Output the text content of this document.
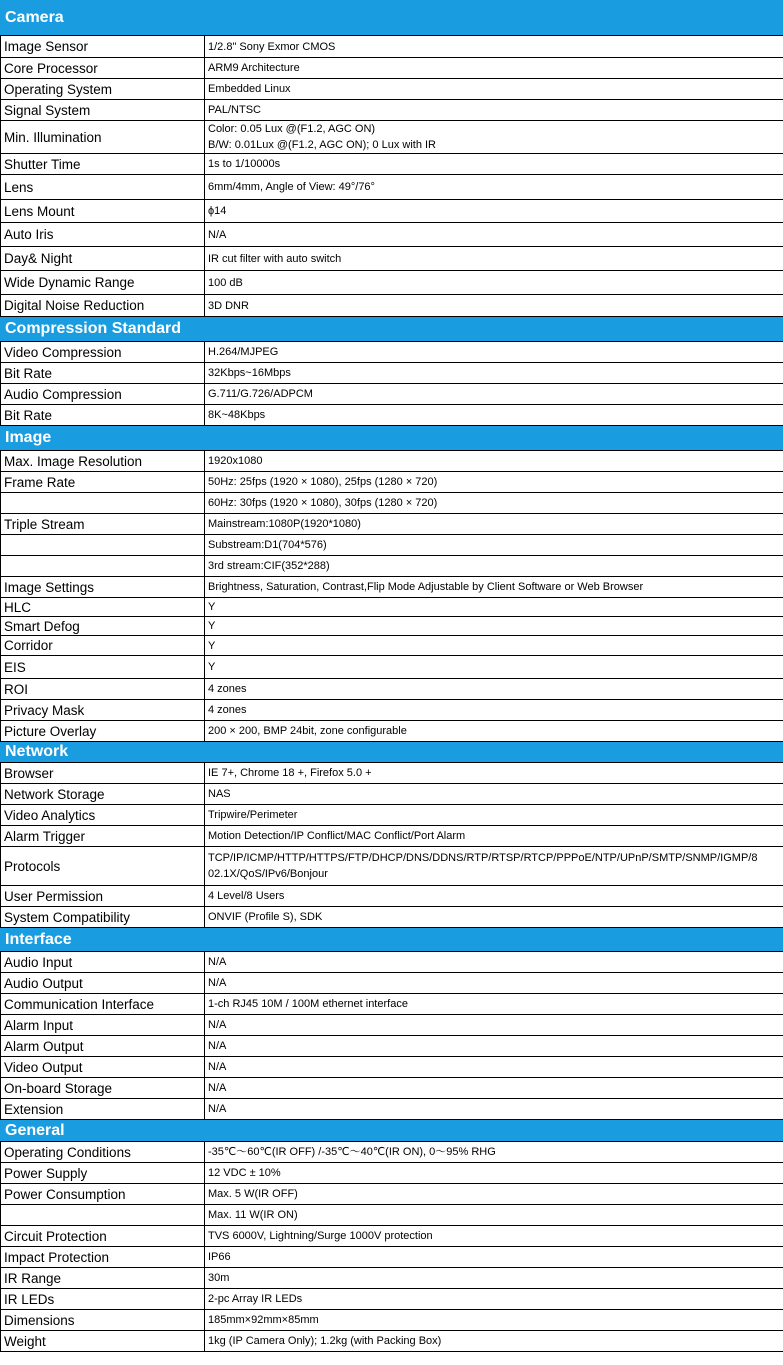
Camera	
Image Sensor	1/2.8" Sony Exmor CMOS

Core Processor	ARM9 Architecture

Operating System	Embedded Linux

Signal System	PAL/NTSC

Min. Illumination	Color: 0.05 Lux @(F1.2, AGC ON)
B/W: 0.01Lux @(F1.2, AGC ON); 0 Lux with IR

Shutter Time	1s to 1/10000s

Lens	6mm/4mm, Angle of View: 49°/76°

Lens Mount	ϕ14

Auto Iris	N/A

Day& Night	IR cut filter with auto switch

Wide Dynamic Range	100 dB

Digital Noise Reduction	3D DNR

Compression Standard	
Video Compression	H.264/MJPEG

Bit Rate	32Kbps~16Mbps

Audio Compression	G.711/G.726/ADPCM

Bit Rate	8K~48Kbps

Image	
Max. Image Resolution	1920x1080

Frame Rate	50Hz: 25fps (1920 × 1080), 25fps (1280 × 720)

	60Hz: 30fps (1920 × 1080), 30fps (1280 × 720)

Triple Stream	Mainstream:1080P(1920*1080)

	Substream:D1(704*576)

	3rd stream:CIF(352*288)

Image Settings	Brightness, Saturation, Contrast,Flip Mode Adjustable by Client Software or Web Browser

HLC	Y

Smart Defog	Y

Corridor	Y

EIS	Y

ROI	4 zones

Privacy Mask	4 zones

Picture Overlay	200 × 200, BMP 24bit, zone configurable

Network	
Browser	IE 7+, Chrome 18 +, Firefox 5.0 +

Network Storage	NAS

Video Analytics	Tripwire/Perimeter

Alarm Trigger	Motion Detection/IP Conflict/MAC Conflict/Port Alarm

Protocols	TCP/IP/ICMP/HTTP/HTTPS/FTP/DHCP/DNS/DDNS/RTP/RTSP/RTCP/PPPoE/NTP/UPnP/SMTP/SNMP/IGMP/8
02.1X/QoS/IPv6/Bonjour

User Permission	4 Level/8 Users

System Compatibility	ONVIF (Profile S), SDK

Interface	
Audio Input	N/A

Audio Output	N/A

Communication Interface	1-ch RJ45 10M / 100M ethernet interface

Alarm Input	N/A

Alarm Output	N/A

Video Output	N/A

On-board Storage	N/A

Extension	N/A

General	
Operating Conditions	-35℃～60℃(IR OFF) /-35℃～40℃(IR ON), 0～95% RHG

Power Supply	12 VDC ± 10%

Power Consumption	Max. 5 W(IR OFF)

	Max. 11 W(IR ON)

Circuit Protection	TVS 6000V, Lightning/Surge 1000V protection

Impact Protection	IP66

IR Range	30m

IR LEDs	2-pc Array IR LEDs

Dimensions	185mm×92mm×85mm

Weight	1kg (IP Camera Only); 1.2kg (with Packing Box)
